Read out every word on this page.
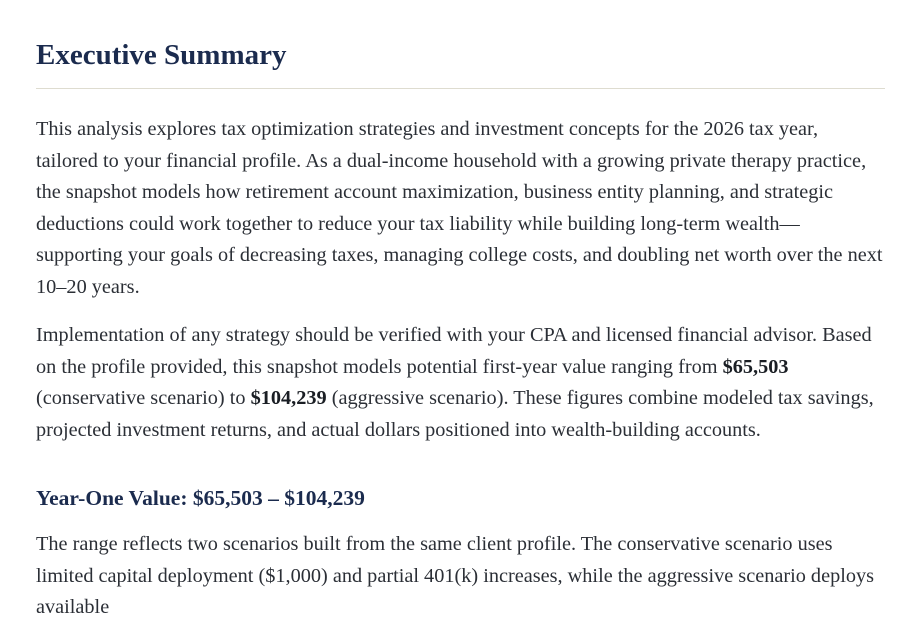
Executive Summary

This analysis explores tax optimization strategies and investment concepts for the 2026 tax year, tailored to your financial profile. As a dual-income household with a growing private therapy practice, the snapshot models how retirement account maximization, business entity planning, and strategic deductions could work together to reduce your tax liability while building long-term wealth—supporting your goals of decreasing taxes, managing college costs, and doubling net worth over the next 10–20 years.

Implementation of any strategy should be verified with your CPA and licensed financial advisor. Based on the profile provided, this snapshot models potential first-year value ranging from $65,503 (conservative scenario) to $104,239 (aggressive scenario). These figures combine modeled tax savings, projected investment returns, and actual dollars positioned into wealth-building accounts.

Year-One Value: $65,503 – $104,239

The range reflects two scenarios built from the same client profile. The conservative scenario uses limited capital deployment ($1,000) and partial 401(k) increases, while the aggressive scenario deploys available
